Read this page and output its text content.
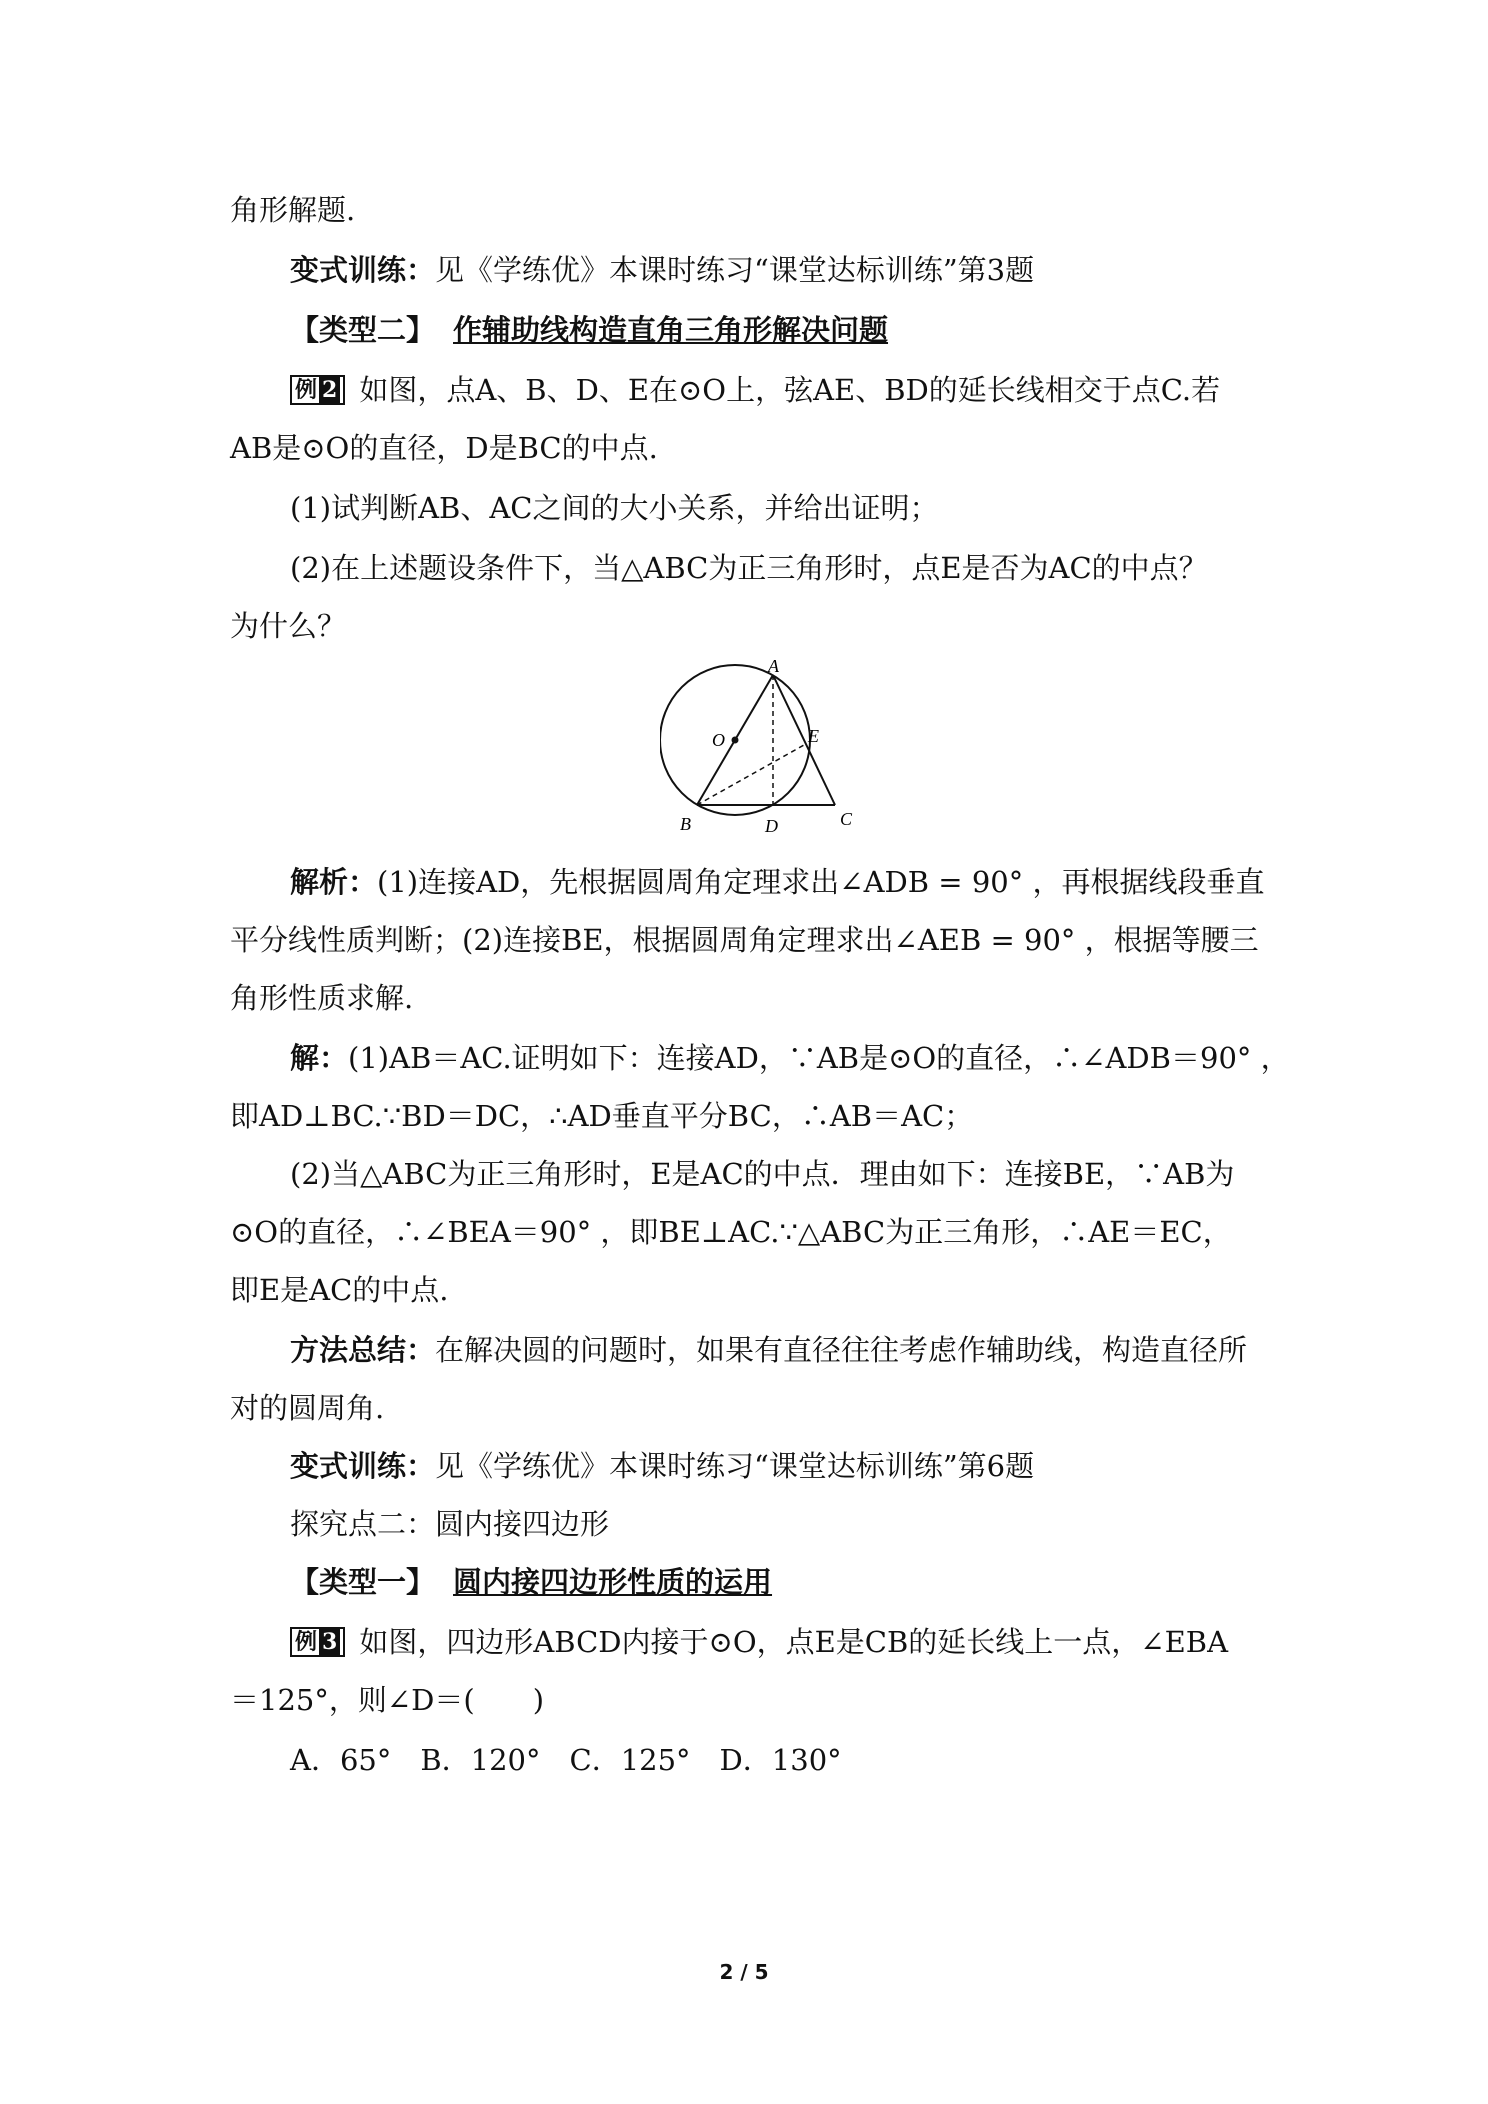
角形解题.
变式训练：见《学练优》本课时练习“课堂达标训练”第3题
【类型二】 作辅助线构造直角三角形解决问题
例 2 如图，点A、B、D、E在⊙O上，弦AE、BD的延长线相交于点C.若
AB是⊙O的直径，D是BC的中点.
(1)试判断AB、AC之间的大小关系，并给出证明；
(2)在上述题设条件下，当△ABC为正三角形时，点E是否为AC的中点？
为什么？
A
B	C
D
E
O
解析：(1)连接AD，先根据圆周角定理求出∠ADB = 90° ，再根据线段垂直
平分线性质判断；(2)连接BE，根据圆周角定理求出∠AEB = 90° ，根据等腰三
角形性质求解.
解：(1)AB＝AC.证明如下：连接AD，∵AB是⊙O的直径，∴∠ADB＝90° ，
即AD⊥BC.∵BD＝DC，∴AD垂直平分BC，∴AB＝AC；
(2)当△ABC为正三角形时，E是AC的中点．理由如下：连接BE，∵AB为
⊙O的直径，∴∠BEA＝90° ，即BE⊥AC.∵△ABC为正三角形，∴AE＝EC，
即E是AC的中点.
方法总结：在解决圆的问题时，如果有直径往往考虑作辅助线，构造直径所
对的圆周角.
变式训练：见《学练优》本课时练习“课堂达标训练”第6题
探究点二：圆内接四边形
【类型一】 圆内接四边形性质的运用
例 3 如图，四边形ABCD内接于⊙O，点E是CB的延长线上一点，∠EBA
＝125°，则∠D＝(　　)
A．65°　B．120°　C．125°　D．130°
2 / 5
